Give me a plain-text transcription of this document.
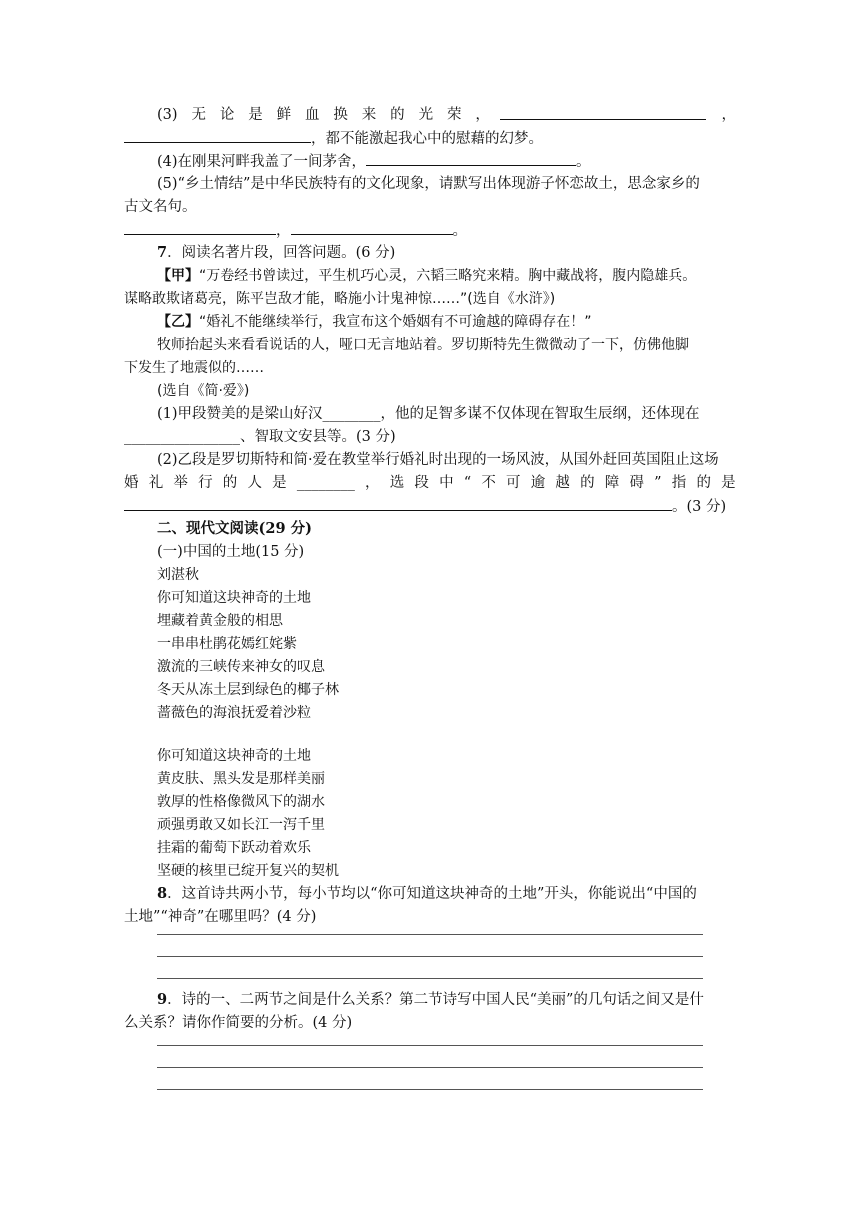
(3) 无 论 是 鲜 血 换 来 的 光 荣 ，	，
，都不能激起我心中的慰藉的幻梦。
(4)在刚果河畔我盖了一间茅舍，	。
(5)“乡土情结”是中华民族特有的文化现象，请默写出体现游子怀恋故土，思念家乡的
古文名句。
，	。
7．阅读名著片段，回答问题。(6 分)
【甲】“万卷经书曾读过，平生机巧心灵，六韬三略究来精。胸中藏战将，腹内隐雄兵。
谋略敢欺诸葛亮，陈平岂敌才能，略施小计鬼神惊……”(选自《水浒》)
【乙】“婚礼不能继续举行，我宣布这个婚姻有不可逾越的障碍存在！”
牧师抬起头来看看说话的人，哑口无言地站着。罗切斯特先生微微动了一下，仿佛他脚
下发生了地震似的……
(选自《简·爱》)
(1)甲段赞美的是梁山好汉________，他的足智多谋不仅体现在智取生辰纲，还体现在
________________、智取文安县等。(3 分)
(2)乙段是罗切斯特和简·爱在教堂举行婚礼时出现的一场风波，从国外赶回英国阻止这场
婚 礼 举 行 的 人 是 ________ ， 选 段 中 “ 不 可 逾 越 的 障 碍 ” 指 的 是
。(3 分)
二、现代文阅读(29 分)
(一)中国的土地(15 分)
刘湛秋
你可知道这块神奇的土地
埋藏着黄金般的相思
一串串杜鹃花嫣红姹紫
激流的三峡传来神女的叹息
冬天从冻土层到绿色的椰子林
蔷薇色的海浪抚爱着沙粒
你可知道这块神奇的土地
黄皮肤、黑头发是那样美丽
敦厚的性格像微风下的湖水
顽强勇敢又如长江一泻千里
挂霜的葡萄下跃动着欢乐
坚硬的核里已绽开复兴的契机
8．这首诗共两小节，每小节均以“你可知道这块神奇的土地”开头，你能说出“中国的
土地”“神奇”在哪里吗？(4 分)
9．诗的一、二两节之间是什么关系？第二节诗写中国人民“美丽”的几句话之间又是什
么关系？请你作简要的分析。(4 分)
